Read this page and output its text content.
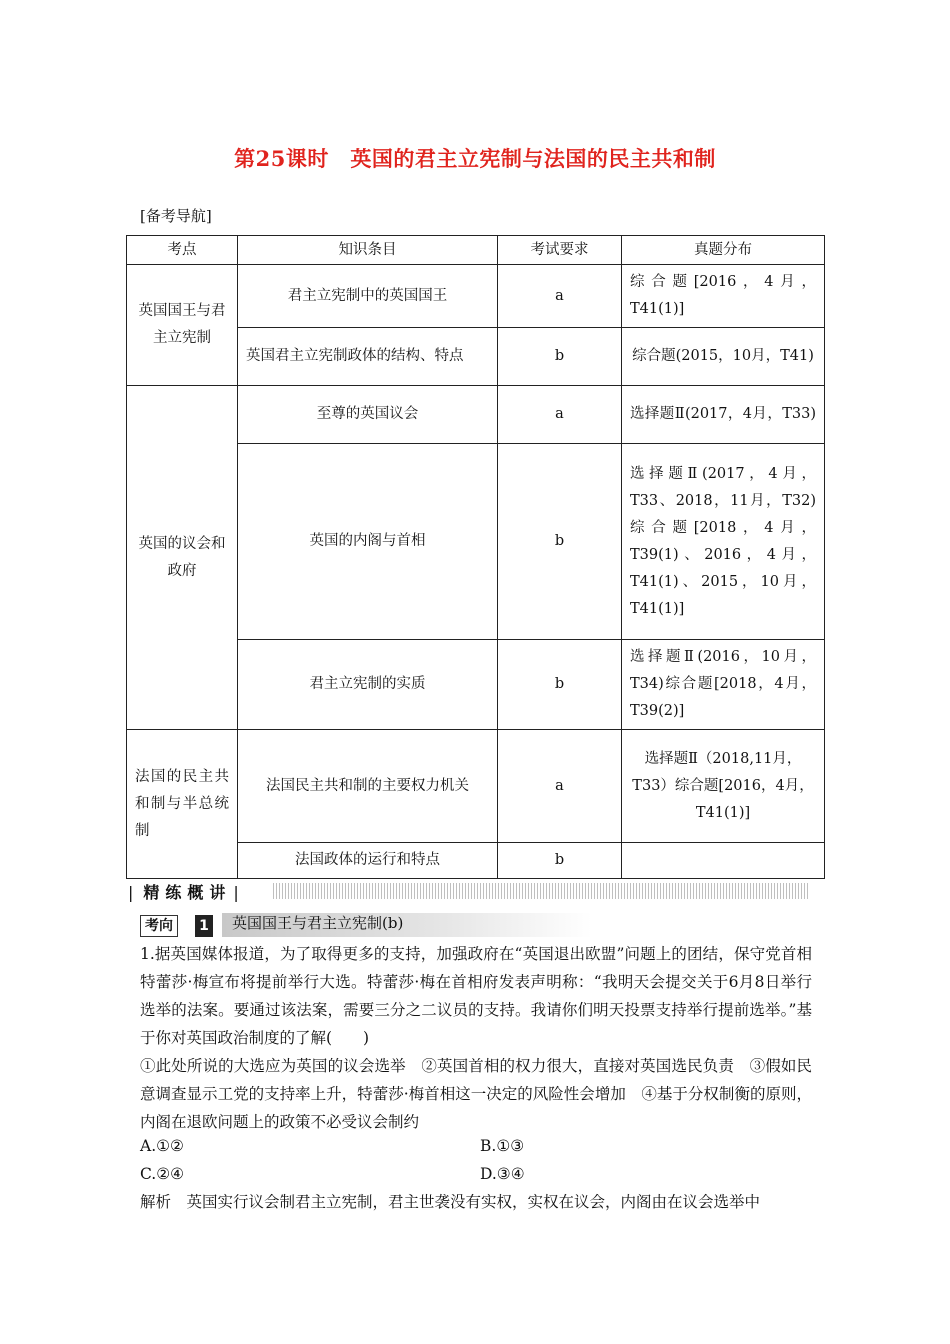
第25课时　英国的君主立宪制与法国的民主共和制
[备考导航]
考点	知识条目	考试要求	真题分布
英国国王与君主立宪制	君主立宪制中的英国国王	a	综合题[2016，4月，T41(1)]
	英国君主立宪制政体的结构、特点	b	综合题(2015，10月，T41)
英国的议会和政府	至尊的英国议会	a	选择题Ⅱ(2017，4月，T33)
	英国的内阁与首相	b	选择题Ⅱ(2017，4月，T33、2018，11月，T32)综合题[2018，4月，T39(1)、2016，4月，T41(1)、2015，10月，T41(1)]
	君主立宪制的实质	b	选择题Ⅱ(2016，10月，T34)综合题[2018，4月，T39(2)]
法国的民主共和制与半总统制	法国民主共和制的主要权力机关	a	选择题Ⅱ（2018,11月，T33）综合题[2016，4月，T41(1)]
	法国政体的运行和特点	b	
| 精练概讲 |
考向	1	英国国王与君主立宪制(b)

1.据英国媒体报道，为了取得更多的支持，加强政府在“英国退出欧盟”问题上的团结，保守党首相特蕾莎·梅宣布将提前举行大选。特蕾莎·梅在首相府发表声明称：“我明天会提交关于6月8日举行选举的法案。要通过该法案，需要三分之二议员的支持。我请你们明天投票支持举行提前选举。”基于你对英国政治制度的了解(　　)

①此处所说的大选应为英国的议会选举　②英国首相的权力很大，直接对英国选民负责　③假如民意调查显示工党的支持率上升，特蕾莎·梅首相这一决定的风险性会增加　④基于分权制衡的原则，内阁在退欧问题上的政策不必受议会制约

A.①②	B.①③
C.②④	D.③④

解析　英国实行议会制君主立宪制，君主世袭没有实权，实权在议会，内阁由在议会选举中
